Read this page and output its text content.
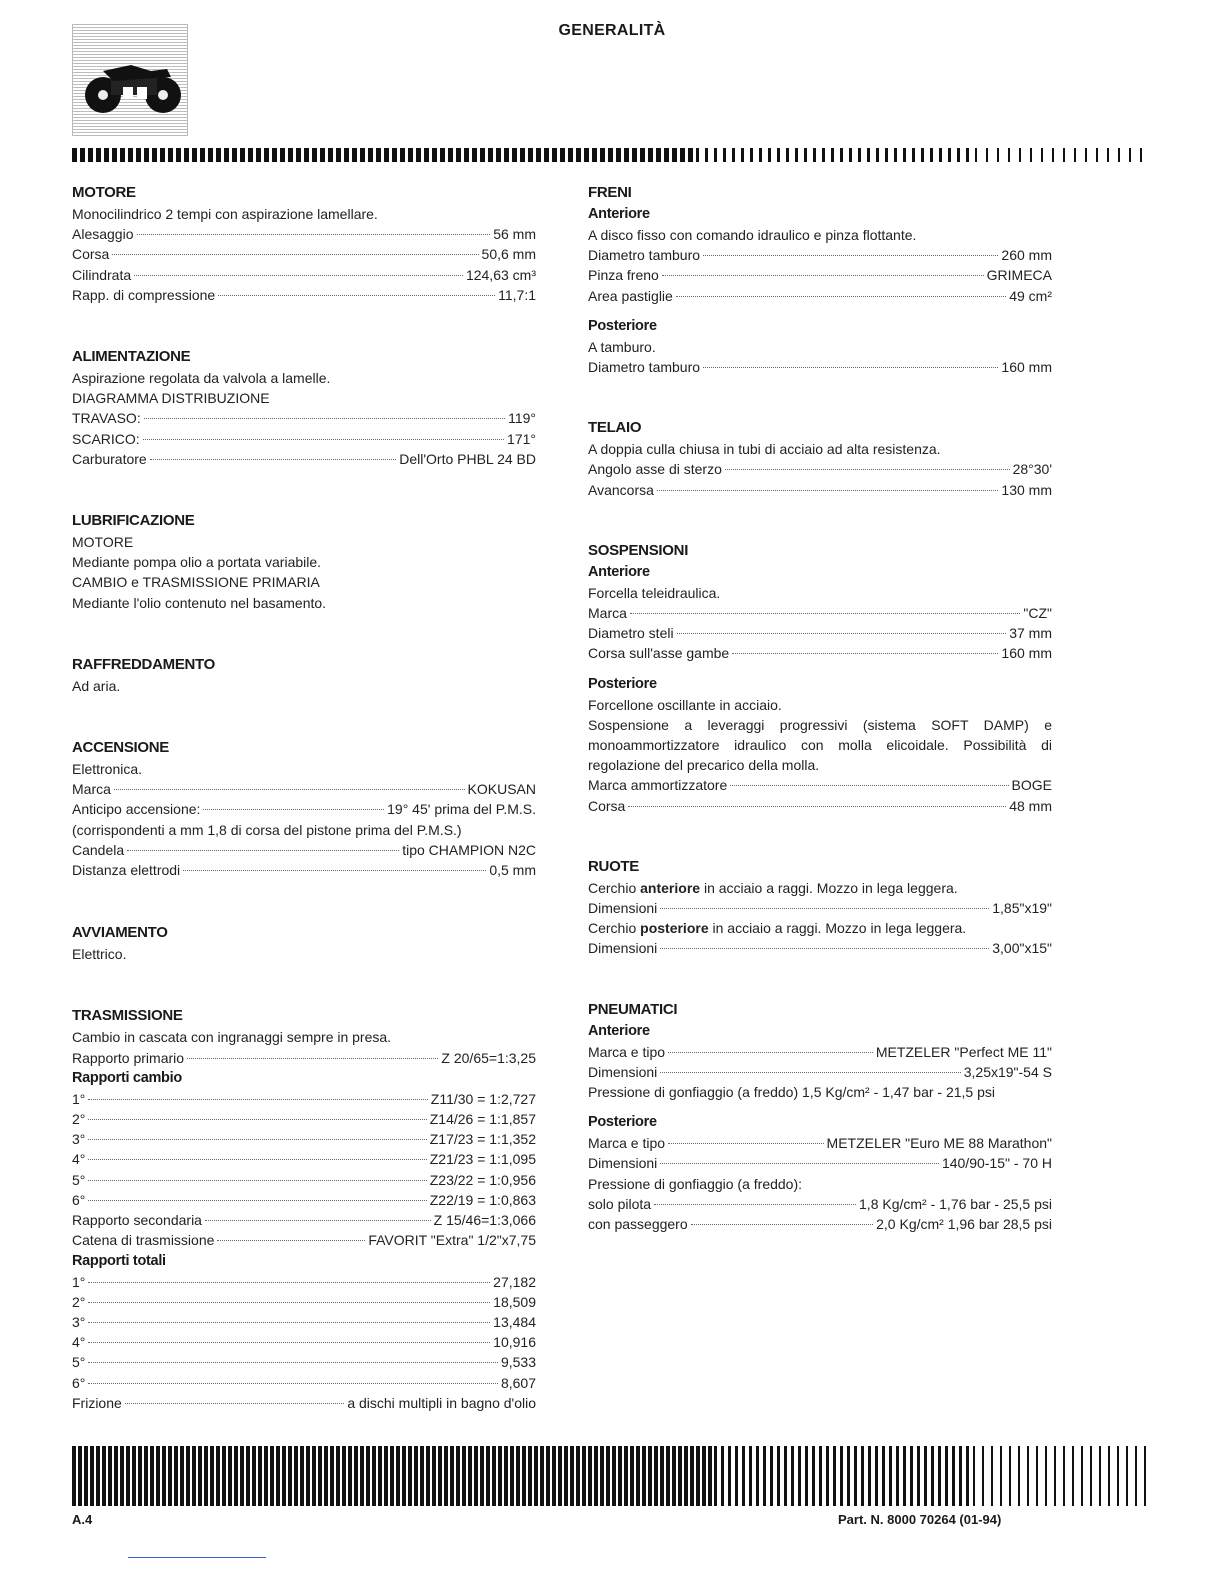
GENERALITÀ
MOTORE
Monocilindrico 2 tempi con aspirazione lamellare.
Alesaggio	56 mm
Corsa	50,6 mm
Cilindrata	124,63 cm³
Rapp. di compressione	11,7:1
ALIMENTAZIONE
Aspirazione regolata da valvola a lamelle.
DIAGRAMMA DISTRIBUZIONE
TRAVASO:	119°
SCARICO:	171°
Carburatore	Dell'Orto PHBL 24 BD
LUBRIFICAZIONE
MOTORE
Mediante pompa olio a portata variabile.
CAMBIO e TRASMISSIONE PRIMARIA
Mediante l'olio contenuto nel basamento.
RAFFREDDAMENTO
Ad aria.
ACCENSIONE
Elettronica.
Marca	KOKUSAN
Anticipo accensione:	19° 45' prima del P.M.S.
(corrispondenti a mm 1,8 di corsa del pistone prima del P.M.S.)
Candela	tipo CHAMPION N2C
Distanza elettrodi	0,5 mm
AVVIAMENTO
Elettrico.
TRASMISSIONE
Cambio in cascata con ingranaggi sempre in presa.
Rapporto primario	Z 20/65=1:3,25
Rapporti cambio
1°	Z11/30 = 1:2,727
2°	Z14/26 = 1:1,857
3°	Z17/23 = 1:1,352
4°	Z21/23 = 1:1,095
5°	Z23/22 = 1:0,956
6°	Z22/19 = 1:0,863
Rapporto secondaria	Z 15/46=1:3,066
Catena di trasmissione	FAVORIT "Extra" 1/2"x7,75
Rapporti totali
1°	27,182
2°	18,509
3°	13,484
4°	10,916
5°	9,533
6°	8,607
Frizione	a dischi multipli in bagno d'olio
FRENI
Anteriore
A disco fisso con comando idraulico e pinza flottante.
Diametro tamburo	260 mm
Pinza freno	GRIMECA
Area pastiglie	49 cm²
Posteriore
A tamburo.
Diametro tamburo	160 mm
TELAIO
A doppia culla chiusa in tubi di acciaio ad alta resistenza.
Angolo asse di sterzo	28°30'
Avancorsa	130 mm
SOSPENSIONI
Anteriore
Forcella teleidraulica.
Marca	"CZ"
Diametro steli	37 mm
Corsa sull'asse gambe	160 mm
Posteriore
Forcellone oscillante in acciaio.
Sospensione a leveraggi progressivi (sistema SOFT DAMP) e monoammortizzatore idraulico con molla elicoidale. Possibilità di regolazione del precarico della molla.
Marca ammortizzatore	BOGE
Corsa	48 mm
RUOTE
Cerchio anteriore in acciaio a raggi. Mozzo in lega leggera.
Dimensioni	1,85"x19"
Cerchio posteriore in acciaio a raggi. Mozzo in lega leggera.
Dimensioni	3,00"x15"
PNEUMATICI
Anteriore
Marca e tipo	METZELER "Perfect ME 11"
Dimensioni	3,25x19"-54 S
Pressione di gonfiaggio (a freddo) 1,5 Kg/cm² - 1,47 bar - 21,5 psi
Posteriore
Marca e tipo	METZELER "Euro ME 88 Marathon"
Dimensioni	140/90-15" - 70 H
Pressione di gonfiaggio (a freddo):
solo pilota	1,8 Kg/cm² - 1,76 bar - 25,5 psi
con passeggero	2,0 Kg/cm² 1,96 bar 28,5 psi
A.4	Part. N. 8000 70264 (01-94)
